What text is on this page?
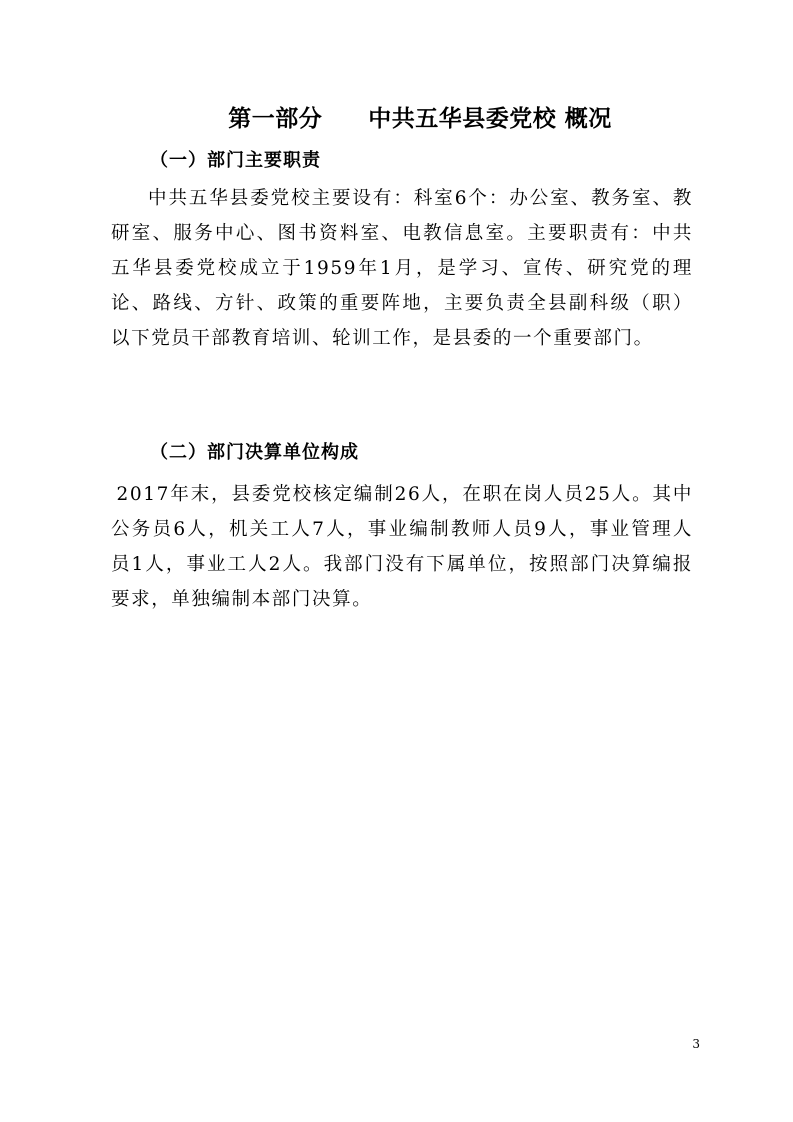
第一部分 中共五华县委党校 概况
（一）部门主要职责

中共五华县委党校主要设有：科室6个：办公室、教务室、教研室、服务中心、图书资料室、电教信息室。主要职责有：中共五华县委党校成立于1959年1月，是学习、宣传、研究党的理论、路线、方针、政策的重要阵地，主要负责全县副科级（职）以下党员干部教育培训、轮训工作，是县委的一个重要部门。

（二）部门决算单位构成

2017年末，县委党校核定编制26人，在职在岗人员25人。其中公务员6人，机关工人7人，事业编制教师人员9人，事业管理人员1人，事业工人2人。我部门没有下属单位，按照部门决算编报要求，单独编制本部门决算。

3
